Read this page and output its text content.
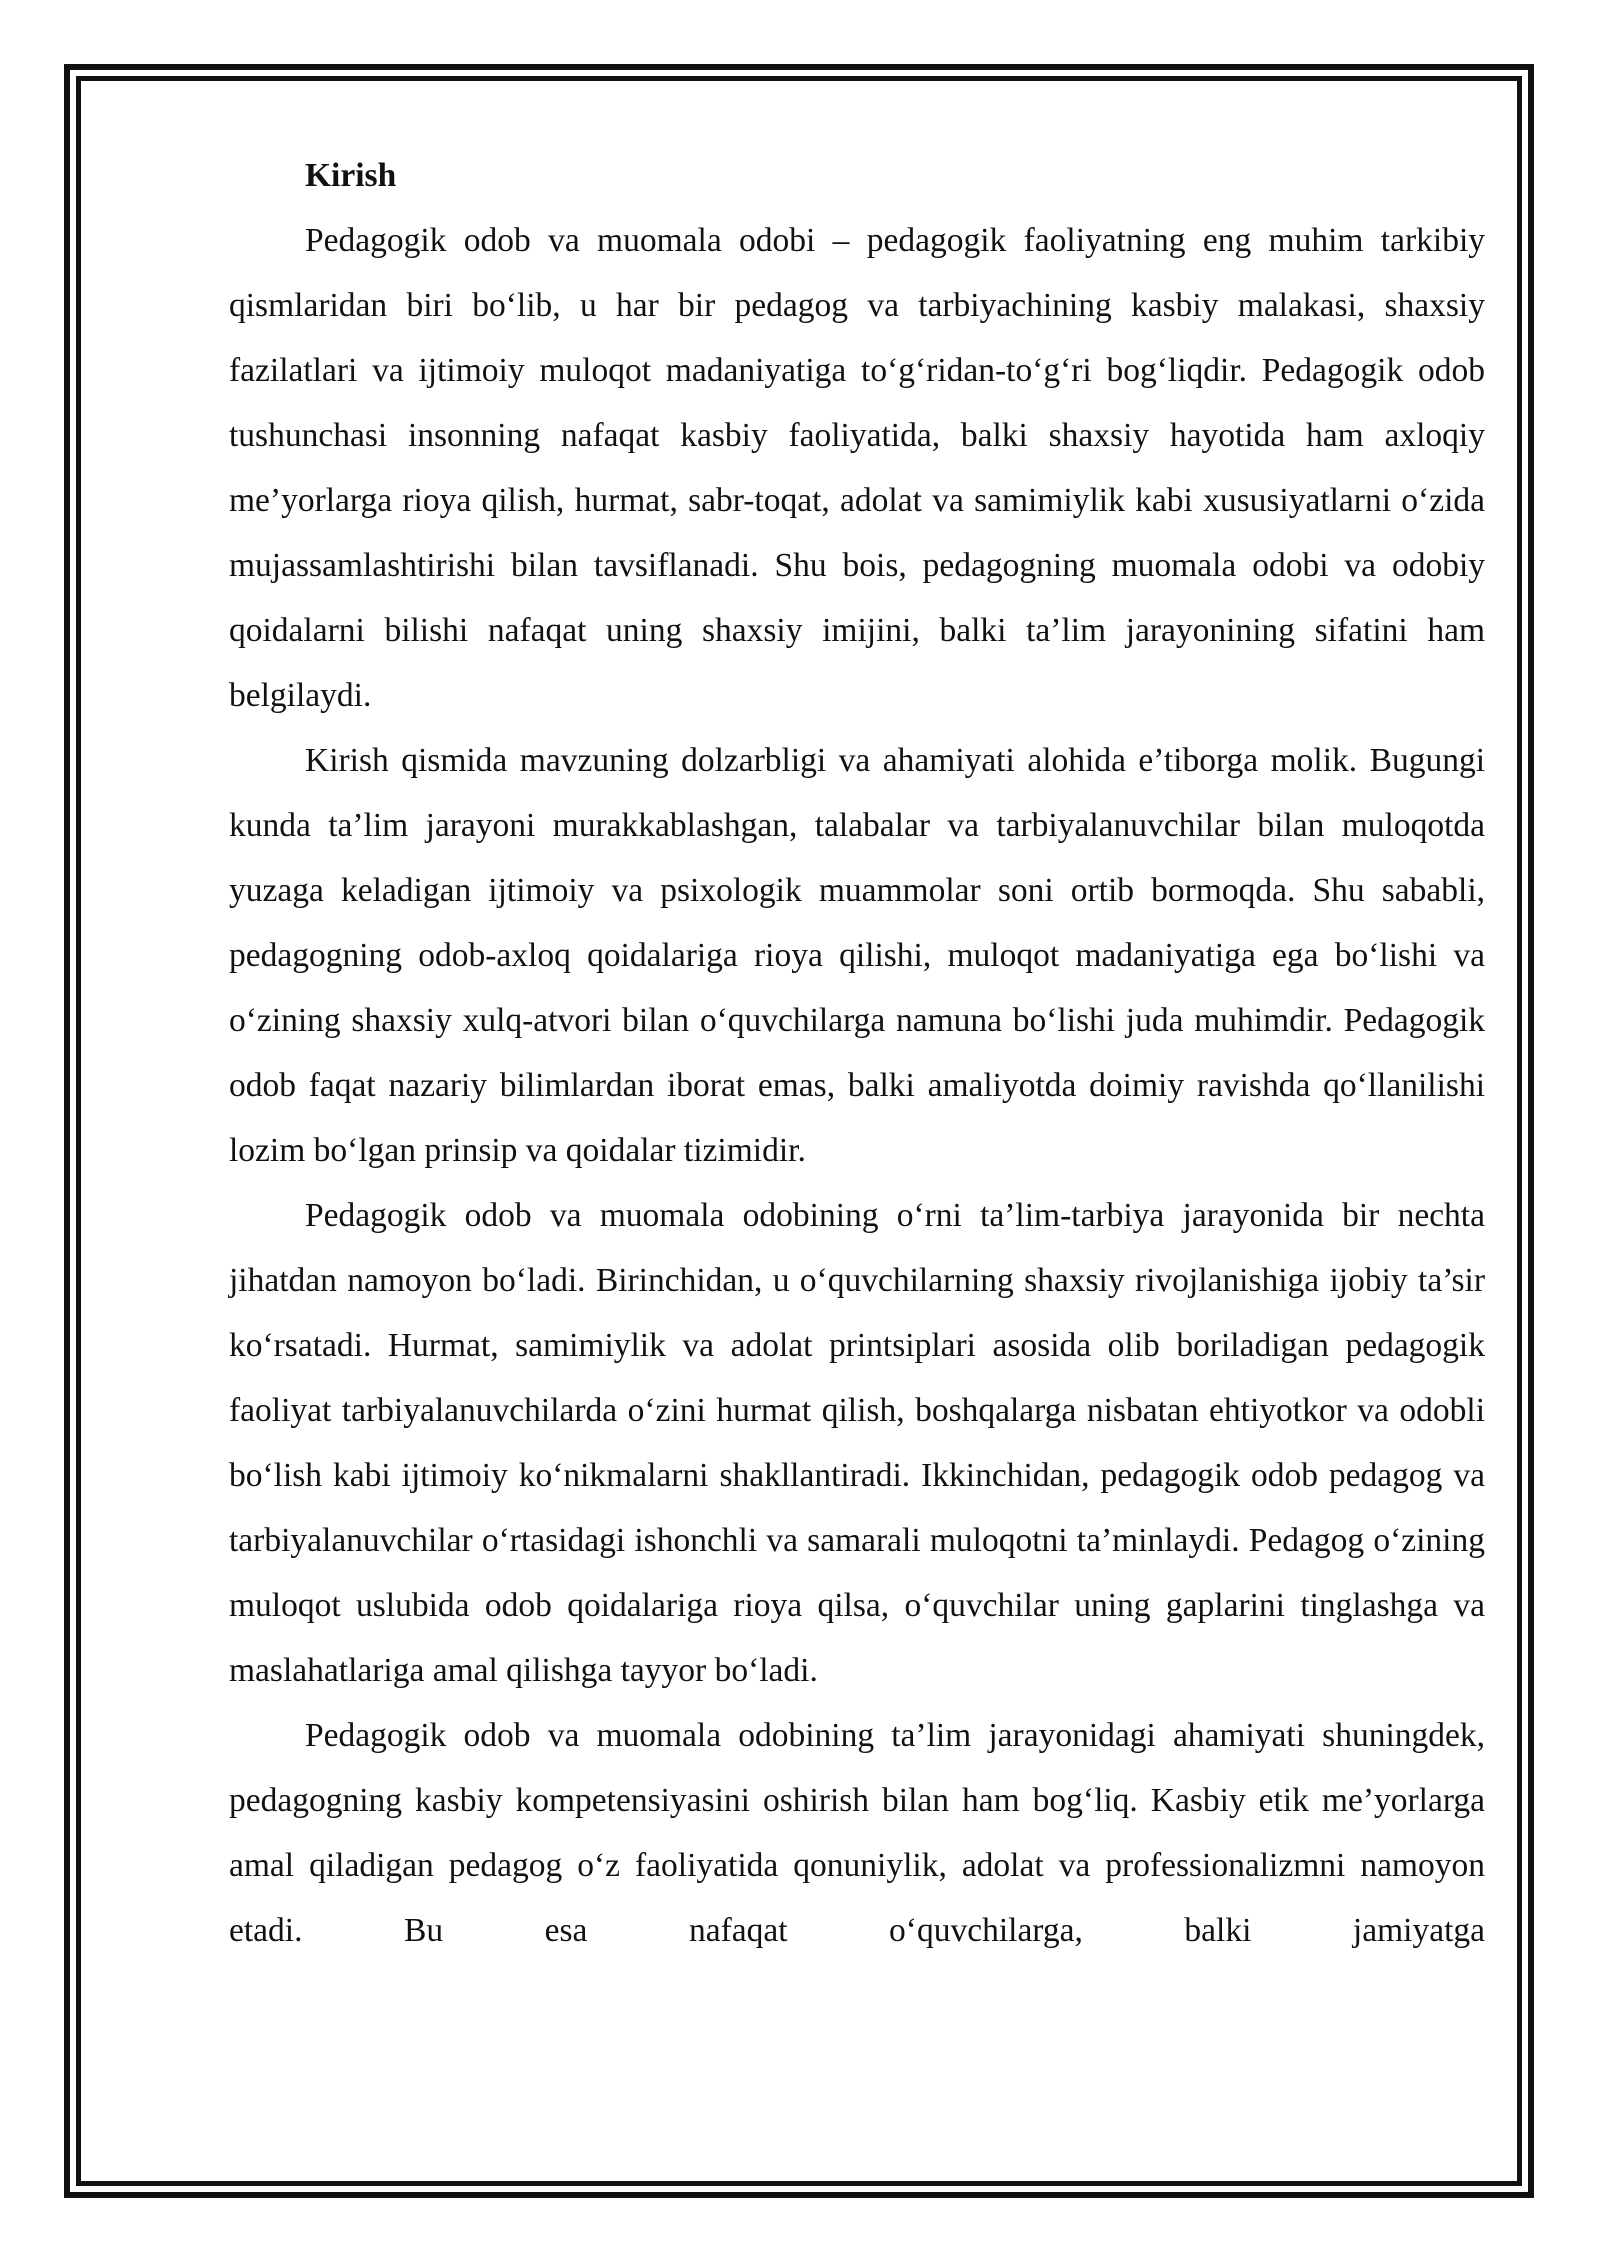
Kirish

Pedagogik odob va muomala odobi – pedagogik faoliyatning eng muhim tarkibiy qismlaridan biri bo‘lib, u har bir pedagog va tarbiyachining kasbiy malakasi, shaxsiy fazilatlari va ijtimoiy muloqot madaniyatiga to‘g‘ridan-to‘g‘ri bog‘liqdir. Pedagogik odob tushunchasi insonning nafaqat kasbiy faoliyatida, balki shaxsiy hayotida ham axloqiy me’yorlarga rioya qilish, hurmat, sabr-toqat, adolat va samimiylik kabi xususiyatlarni o‘zida mujassamlashtirishi bilan tavsiflanadi. Shu bois, pedagogning muomala odobi va odobiy qoidalarni bilishi nafaqat uning shaxsiy imijini, balki ta’lim jarayonining sifatini ham belgilaydi.

Kirish qismida mavzuning dolzarbligi va ahamiyati alohida e’tiborga molik. Bugungi kunda ta’lim jarayoni murakkablashgan, talabalar va tarbiyalanuvchilar bilan muloqotda yuzaga keladigan ijtimoiy va psixologik muammolar soni ortib bormoqda. Shu sababli, pedagogning odob-axloq qoidalariga rioya qilishi, muloqot madaniyatiga ega bo‘lishi va o‘zining shaxsiy xulq-atvori bilan o‘quvchilarga namuna bo‘lishi juda muhimdir. Pedagogik odob faqat nazariy bilimlardan iborat emas, balki amaliyotda doimiy ravishda qo‘llanilishi lozim bo‘lgan prinsip va qoidalar tizimidir.

Pedagogik odob va muomala odobining o‘rni ta’lim-tarbiya jarayonida bir nechta jihatdan namoyon bo‘ladi. Birinchidan, u o‘quvchilarning shaxsiy rivojlanishiga ijobiy ta’sir ko‘rsatadi. Hurmat, samimiylik va adolat printsiplari asosida olib boriladigan pedagogik faoliyat tarbiyalanuvchilarda o‘zini hurmat qilish, boshqalarga nisbatan ehtiyotkor va odobli bo‘lish kabi ijtimoiy ko‘nikmalarni shakllantiradi. Ikkinchidan, pedagogik odob pedagog va tarbiyalanuvchilar o‘rtasidagi ishonchli va samarali muloqotni ta’minlaydi. Pedagog o‘zining muloqot uslubida odob qoidalariga rioya qilsa, o‘quvchilar uning gaplarini tinglashga va maslahatlariga amal qilishga tayyor bo‘ladi.

Pedagogik odob va muomala odobining ta’lim jarayonidagi ahamiyati shuningdek, pedagogning kasbiy kompetensiyasini oshirish bilan ham bog‘liq. Kasbiy etik me’yorlarga amal qiladigan pedagog o‘z faoliyatida qonuniylik, adolat va professionalizmni namoyon etadi. Bu esa nafaqat o‘quvchilarga, balki jamiyatga
